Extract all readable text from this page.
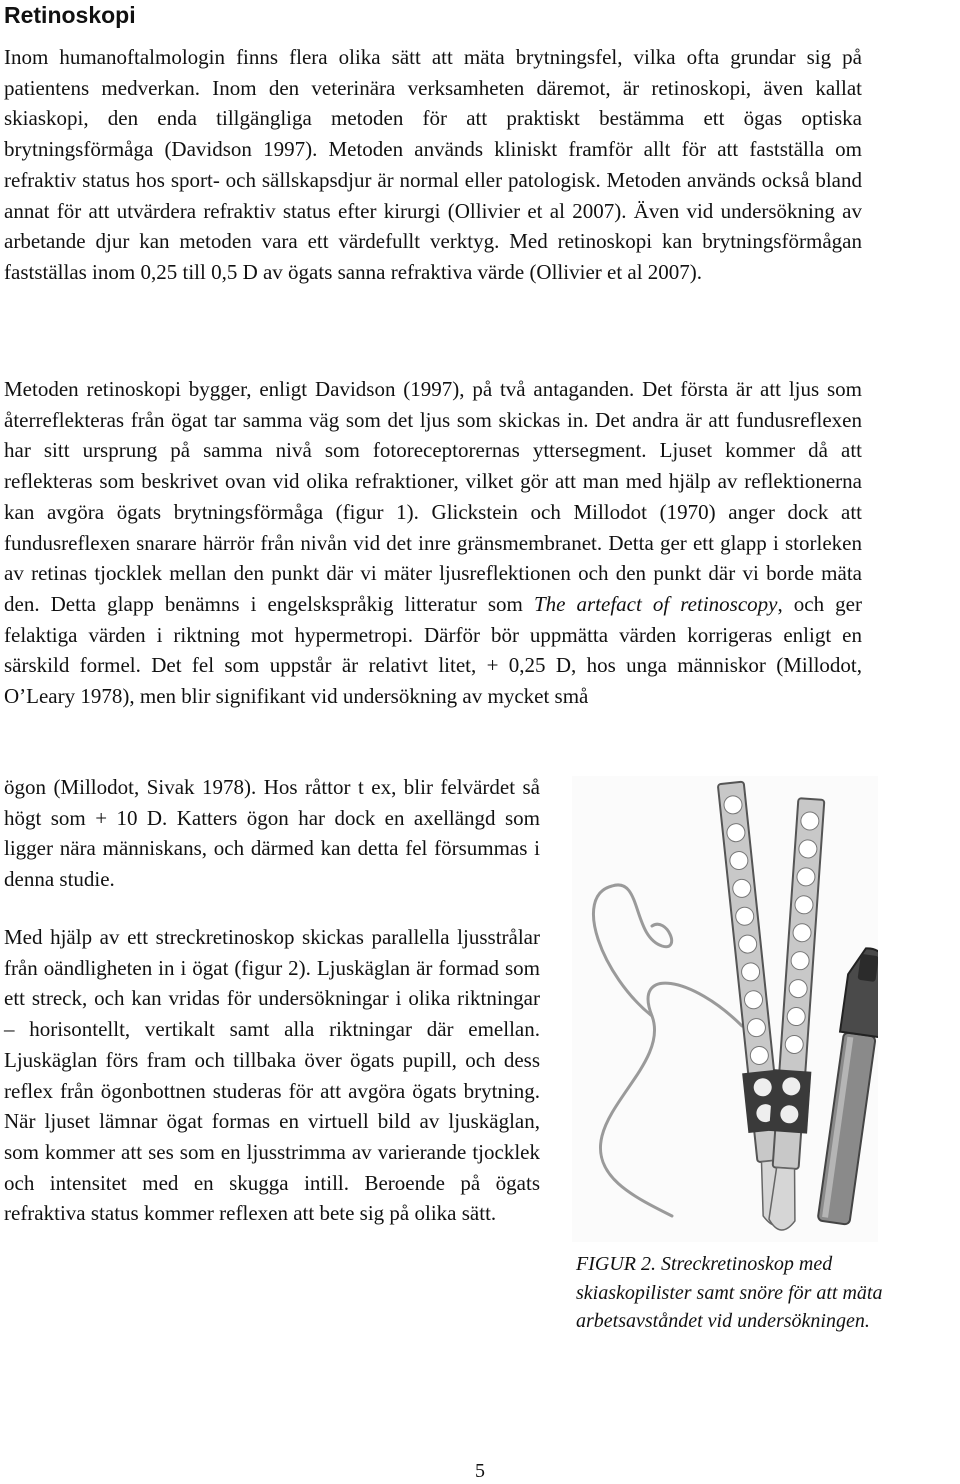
Retinoskopi

Inom humanoftalmologin finns flera olika sätt att mäta brytningsfel, vilka ofta grundar sig på patientens medverkan. Inom den veterinära verksamheten däremot, är retinoskopi, även kallat skiaskopi, den enda tillgängliga metoden för att praktiskt bestämma ett ögas optiska brytningsförmåga (Davidson 1997). Metoden används kliniskt framför allt för att fastställa om refraktiv status hos sport- och sällskapsdjur är normal eller patologisk. Metoden används också bland annat för att utvärdera refraktiv status efter kirurgi (Ollivier et al 2007). Även vid undersökning av arbetande djur kan metoden vara ett värdefullt verktyg. Med retinoskopi kan brytningsförmågan fastställas inom 0,25 till 0,5 D av ögats sanna refraktiva värde (Ollivier et al 2007).

Metoden retinoskopi bygger, enligt Davidson (1997), på två antaganden. Det första är att ljus som återreflekteras från ögat tar samma väg som det ljus som skickas in. Det andra är att fundusreflexen har sitt ursprung på samma nivå som fotoreceptorernas yttersegment. Ljuset kommer då att reflekteras som beskrivet ovan vid olika refraktioner, vilket gör att man med hjälp av reflektionerna kan avgöra ögats brytningsförmåga (figur 1). Glickstein och Millodot (1970) anger dock att fundusreflexen snarare härrör från nivån vid det inre gränsmembranet. Detta ger ett glapp i storleken av retinas tjocklek mellan den punkt där vi mäter ljusreflektionen och den punkt där vi borde mäta den. Detta glapp benämns i engelskspråkig litteratur som The artefact of retinoscopy, och ger felaktiga värden i riktning mot hypermetropi. Därför bör uppmätta värden korrigeras enligt en särskild formel. Det fel som uppstår är relativt litet, + 0,25 D, hos unga människor (Millodot, O’Leary 1978), men blir signifikant vid undersökning av mycket små

ögon (Millodot, Sivak 1978). Hos råttor t ex, blir felvärdet så högt som + 10 D. Katters ögon har dock en axellängd som ligger nära människans, och därmed kan detta fel försummas i denna studie.

Med hjälp av ett streckretinoskop skickas parallella ljusstrålar från oändligheten in i ögat (figur 2). Ljuskäglan är formad som ett streck, och kan vridas för undersökningar i olika riktningar – horisontellt, vertikalt samt alla riktningar där emellan. Ljuskäglan förs fram och tillbaka över ögats pupill, och dess reflex från ögonbottnen studeras för att avgöra ögats brytning. När ljuset lämnar ögat formas en virtuell bild av ljuskäglan, som kommer att ses som en ljusstrimma av varierande tjocklek och intensitet med en skugga intill. Beroende på ögats refraktiva status kommer reflexen att bete sig på olika sätt.

FIGUR 2. Streckretinoskop med skiaskopilister samt snöre för att mäta arbetsavståndet vid undersökningen.

5
